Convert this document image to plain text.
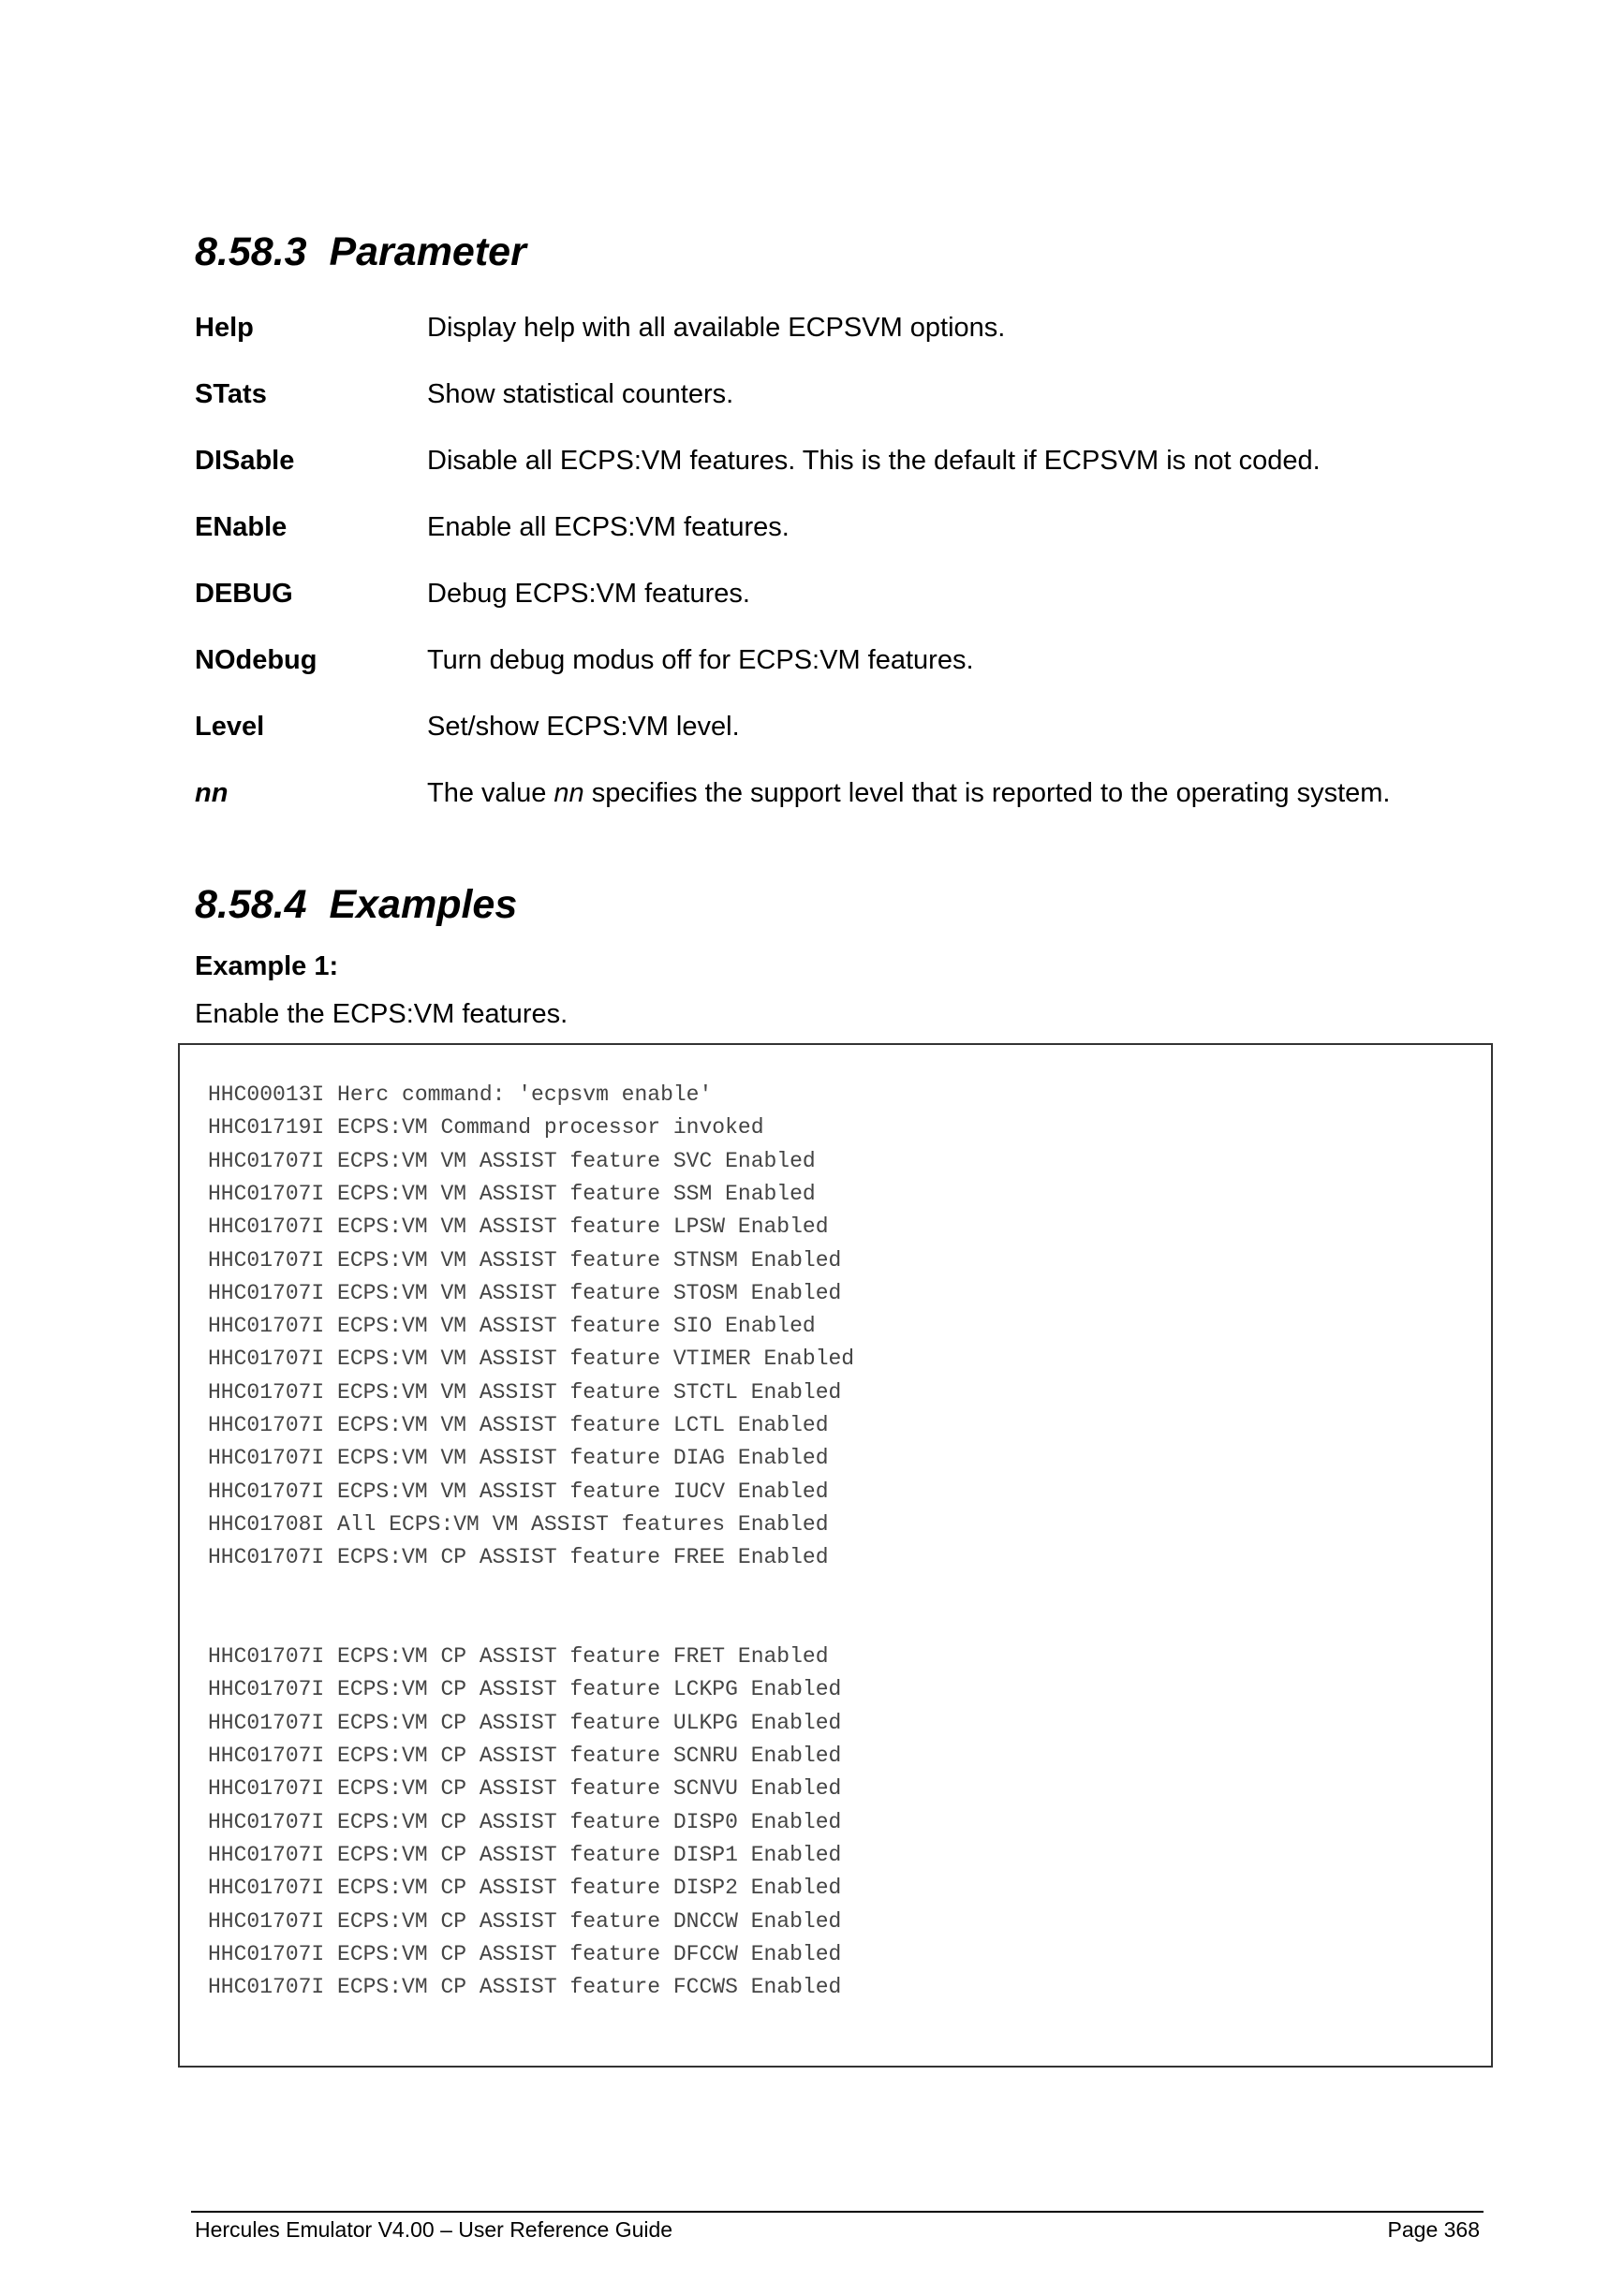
8.58.3  Parameter
Help	Display help with all available ECPSVM options.
STats	Show statistical counters.
DISable	Disable all ECPS:VM features. This is the default if ECPSVM is not coded.
ENable	Enable all ECPS:VM features.
DEBUG	Debug ECPS:VM features.
NOdebug	Turn debug modus off for ECPS:VM features.
Level	Set/show ECPS:VM level.
nn	The value nn specifies the support level that is reported to the operating system.
8.58.4  Examples
Example 1:
Enable the ECPS:VM features.
HHC00013I Herc command: 'ecpsvm enable'
HHC01719I ECPS:VM Command processor invoked
HHC01707I ECPS:VM VM ASSIST feature SVC Enabled
HHC01707I ECPS:VM VM ASSIST feature SSM Enabled
HHC01707I ECPS:VM VM ASSIST feature LPSW Enabled
HHC01707I ECPS:VM VM ASSIST feature STNSM Enabled
HHC01707I ECPS:VM VM ASSIST feature STOSM Enabled
HHC01707I ECPS:VM VM ASSIST feature SIO Enabled
HHC01707I ECPS:VM VM ASSIST feature VTIMER Enabled
HHC01707I ECPS:VM VM ASSIST feature STCTL Enabled
HHC01707I ECPS:VM VM ASSIST feature LCTL Enabled
HHC01707I ECPS:VM VM ASSIST feature DIAG Enabled
HHC01707I ECPS:VM VM ASSIST feature IUCV Enabled
HHC01708I All ECPS:VM VM ASSIST features Enabled
HHC01707I ECPS:VM CP ASSIST feature FREE Enabled
HHC01707I ECPS:VM CP ASSIST feature FRET Enabled
HHC01707I ECPS:VM CP ASSIST feature LCKPG Enabled
HHC01707I ECPS:VM CP ASSIST feature ULKPG Enabled
HHC01707I ECPS:VM CP ASSIST feature SCNRU Enabled
HHC01707I ECPS:VM CP ASSIST feature SCNVU Enabled
HHC01707I ECPS:VM CP ASSIST feature DISP0 Enabled
HHC01707I ECPS:VM CP ASSIST feature DISP1 Enabled
HHC01707I ECPS:VM CP ASSIST feature DISP2 Enabled
HHC01707I ECPS:VM CP ASSIST feature DNCCW Enabled
HHC01707I ECPS:VM CP ASSIST feature DFCCW Enabled
HHC01707I ECPS:VM CP ASSIST feature FCCWS Enabled
Hercules Emulator V4.00 – User Reference Guide	Page 368
